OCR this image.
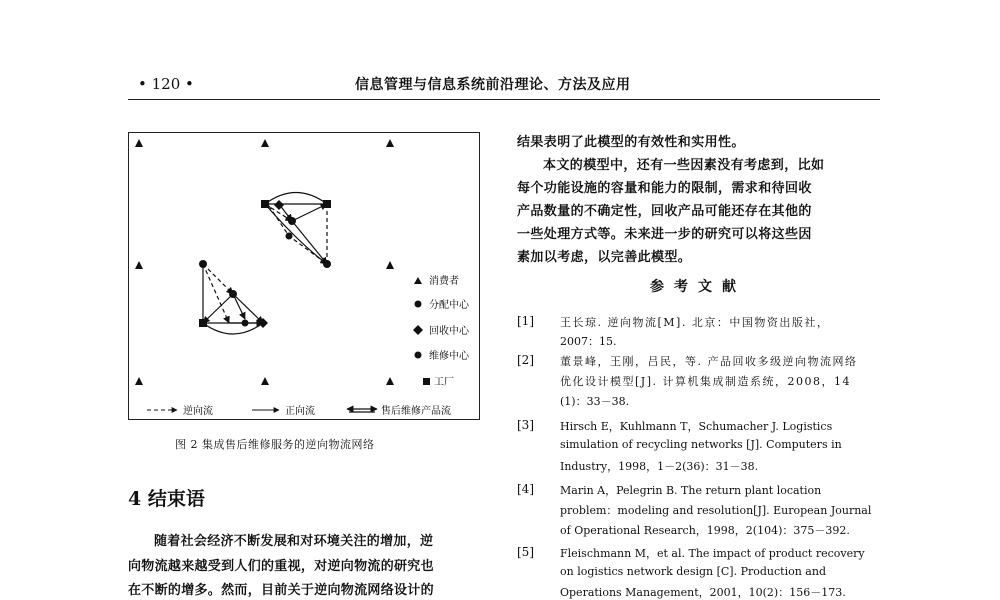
• 120 •	信息管理与信息系统前沿理论、方法及应用
消费者
分配中心
回收中心
维修中心
工厂
逆向流	正向流	售后维修产品流
图 2 集成售后维修服务的逆向物流网络
4 结束语
随着社会经济不断发展和对环境关注的增加，逆
向物流越来越受到人们的重视，对逆向物流的研究也
在不断的增多。然而，目前关于逆向物流网络设计的
结果表明了此模型的有效性和实用性。
本文的模型中，还有一些因素没有考虑到，比如
每个功能设施的容量和能力的限制，需求和待回收
产品数量的不确定性，回收产品可能还存在其他的
一些处理方式等。未来进一步的研究可以将这些因
素加以考虑，以完善此模型。
参考文献
[1] 王长琼. 逆向物流[M]. 北京：中国物资出版社，
2007：15.
[2] 董景峰，王刚，吕民，等. 产品回收多级逆向物流网络
优化设计模型[J]. 计算机集成制造系统，2008，14
(1)：33－38.
[3] Hirsch E，Kuhlmann T，Schumacher J. Logistics
simulation of recycling networks [J]. Computers in
Industry，1998，1－2(36)：31－38.
[4] Marin A，Pelegrin B. The return plant location
problem：modeling and resolution[J]. European Journal
of Operational Research，1998，2(104)：375－392.
[5] Fleischmann M，et al. The impact of product recovery
on logistics network design [C]. Production and
Operations Management，2001，10(2)：156－173.
